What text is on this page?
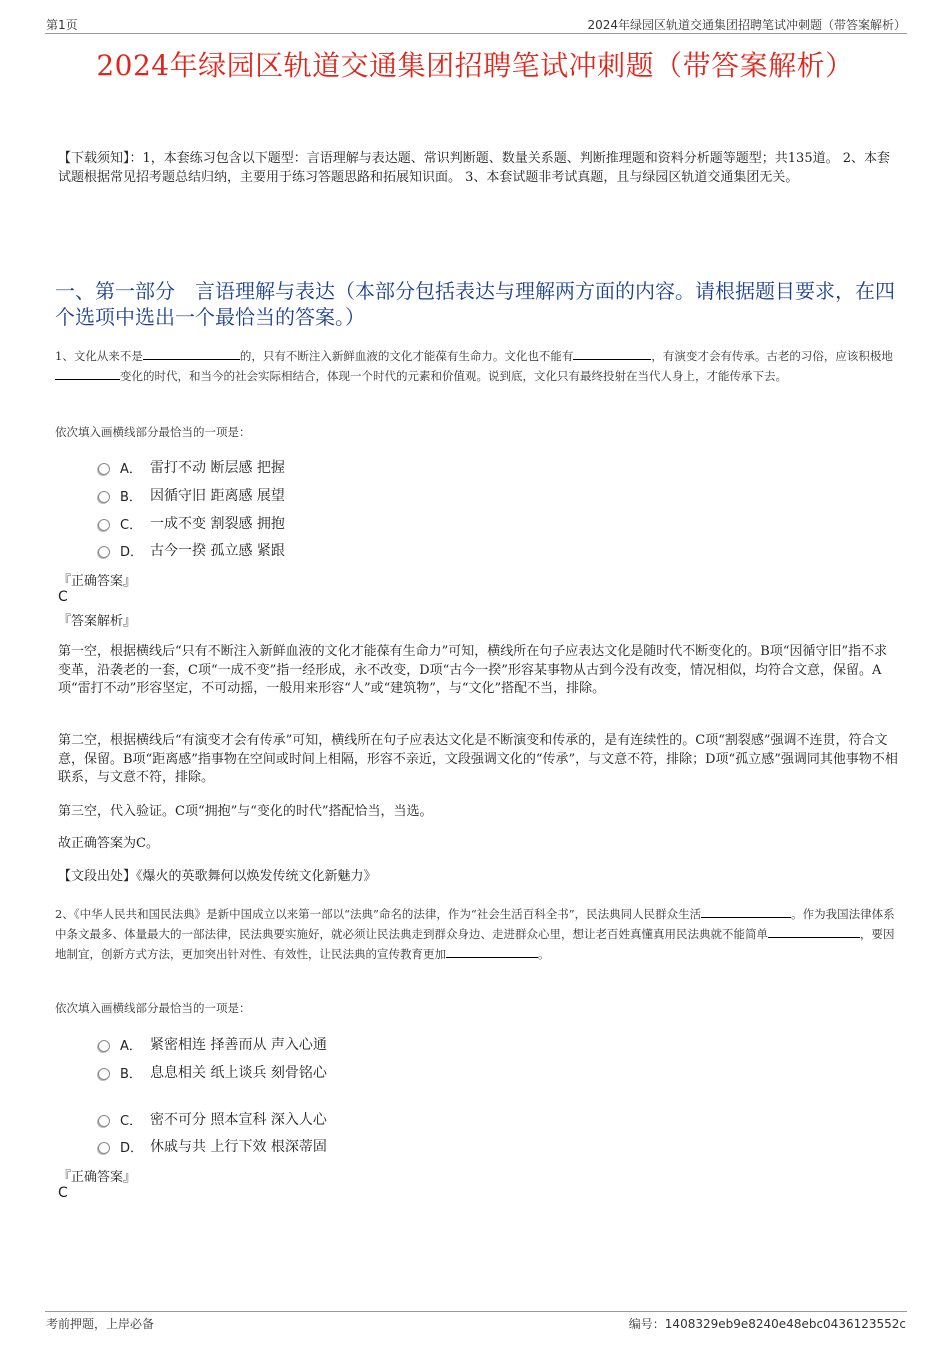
第1页	2024年绿园区轨道交通集团招聘笔试冲刺题（带答案解析）
2024年绿园区轨道交通集团招聘笔试冲刺题（带答案解析）
【下载须知】：1，本套练习包含以下题型：言语理解与表达题、常识判断题、数量关系题、判断推理题和资料分析题等题型；共135道。 2、本套试题根据常见招考题总结归纳，主要用于练习答题思路和拓展知识面。 3、本套试题非考试真题，且与绿园区轨道交通集团无关。
一、第一部分　言语理解与表达（本部分包括表达与理解两方面的内容。请根据题目要求，在四个选项中选出一个最恰当的答案。）
1、文化从来不是	的，只有不断注入新鲜血液的文化才能葆有生命力。文化也不能有	，有演变才会有传承。古老的习俗，应该积极地变化的时代，和当今的社会实际相结合，体现一个时代的元素和价值观。说到底，文化只有最终投射在当代人身上，才能传承下去。
依次填入画横线部分最恰当的一项是：
A． 雷打不动 断层感 把握
B． 因循守旧 距离感 展望
C． 一成不变 割裂感 拥抱
D． 古今一揆 孤立感 紧跟
『正确答案』
C
『答案解析』
第一空，根据横线后“只有不断注入新鲜血液的文化才能葆有生命力”可知，横线所在句子应表达文化是随时代不断变化的。B项“因循守旧”指不求变革，沿袭老的一套，C项“一成不变”指一经形成，永不改变，D项“古今一揆”形容某事物从古到今没有改变，情况相似，均符合文意，保留。A项“雷打不动”形容坚定，不可动摇，一般用来形容“人”或“建筑物”，与“文化”搭配不当，排除。
第二空，根据横线后“有演变才会有传承”可知，横线所在句子应表达文化是不断演变和传承的，是有连续性的。C项“割裂感”强调不连贯，符合文意，保留。B项“距离感”指事物在空间或时间上相隔，形容不亲近，文段强调文化的“传承”，与文意不符，排除；D项“孤立感”强调同其他事物不相联系，与文意不符，排除。
第三空，代入验证。C项“拥抱”与“变化的时代”搭配恰当，当选。
故正确答案为C。
【文段出处】《爆火的英歌舞何以焕发传统文化新魅力》
2、《中华人民共和国民法典》是新中国成立以来第一部以“法典”命名的法律，作为“社会生活百科全书”，民法典同人民群众生活	。作为我国法律体系中条文最多、体量最大的一部法律，民法典要实施好，就必须让民法典走到群众身边、走进群众心里，想让老百姓真懂真用民法典就不能简单	，要因地制宜，创新方式方法，更加突出针对性、有效性，让民法典的宣传教育更加	。
依次填入画横线部分最恰当的一项是：
A． 紧密相连 择善而从 声入心通
B． 息息相关 纸上谈兵 刻骨铭心
C． 密不可分 照本宣科 深入人心
D． 休戚与共 上行下效 根深蒂固
『正确答案』
C
考前押题，上岸必备	编号：1408329eb9e8240e48ebc0436123552c
